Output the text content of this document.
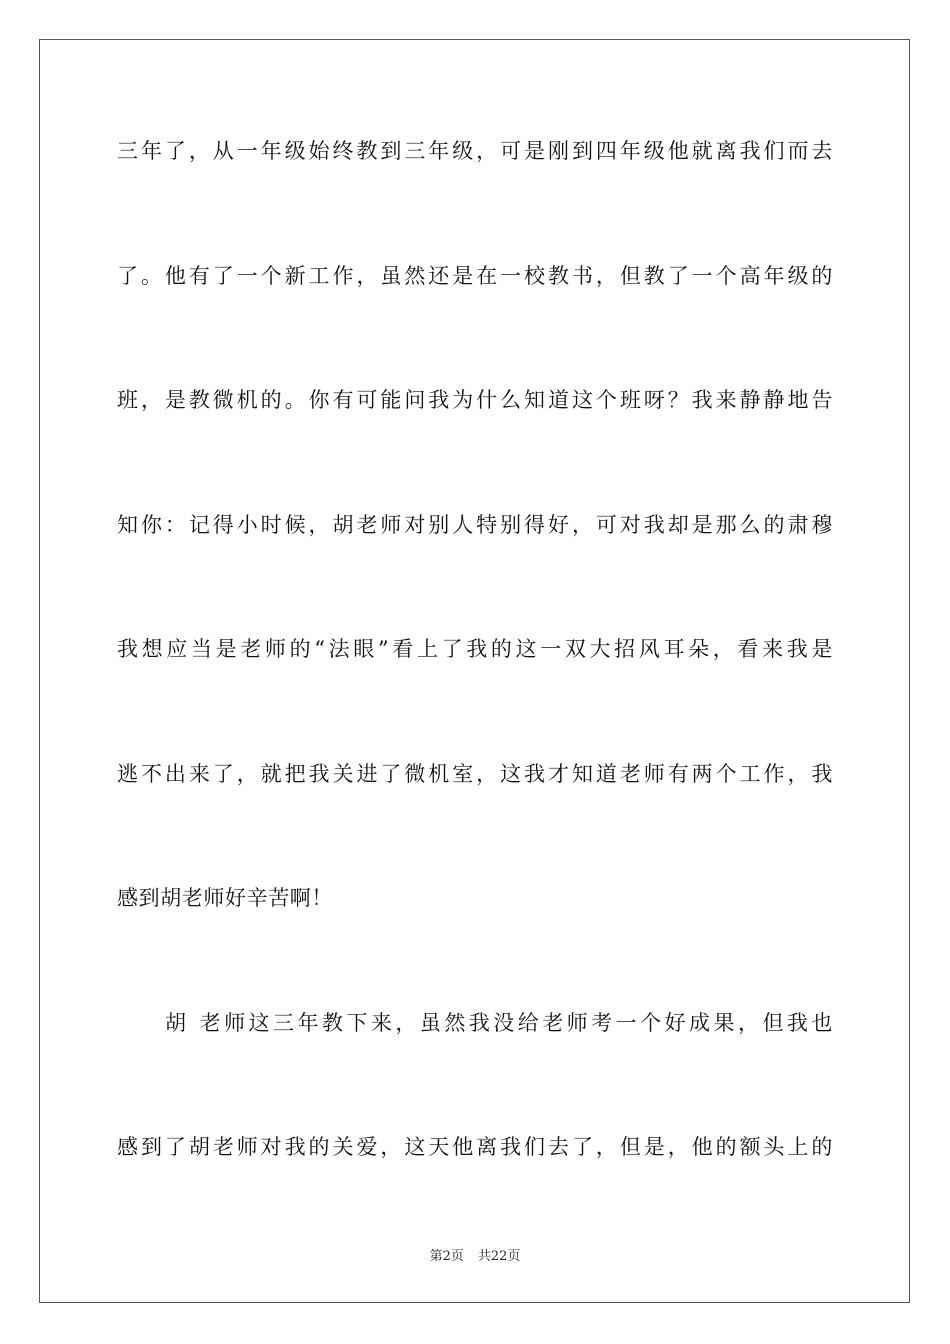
三年了，从一年级始终教到三年级，可是刚到四年级他就离我们而去
了。他有了一个新工作，虽然还是在一校教书，但教了一个高年级的
班，是教微机的。你有可能问我为什么知道这个班呀？我来静静地告
知你：记得小时候，胡老师对别人特别得好，可对我却是那么的肃穆
我想应当是老师的“法眼”看上了我的这一双大招风耳朵，看来我是
逃不出来了，就把我关进了微机室，这我才知道老师有两个工作，我
感到胡老师好辛苦啊！
胡 老师这三年教下来，虽然我没给老师考一个好成果，但我也
感到了胡老师对我的关爱，这天他离我们去了，但是，他的额头上的
第2页 共22页
